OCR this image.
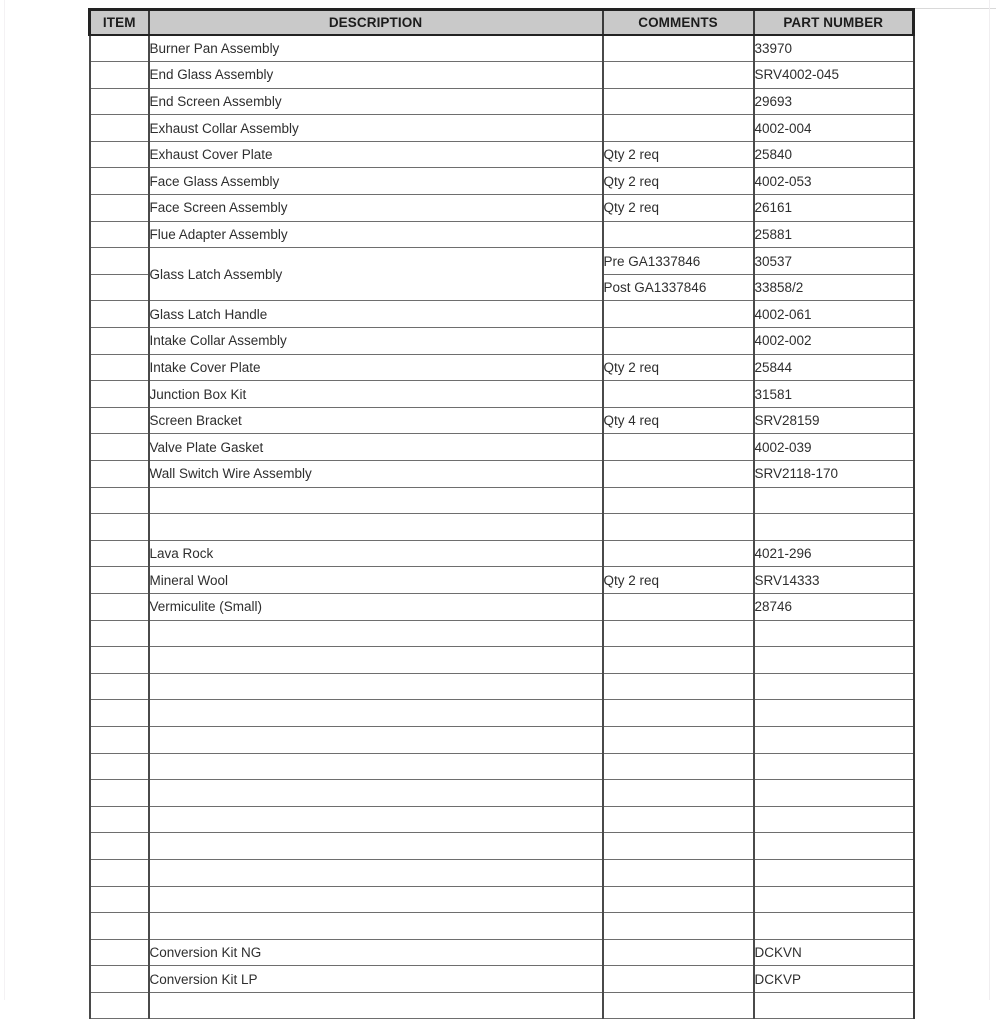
ITEM	DESCRIPTION	COMMENTS	PART NUMBER
	Burner Pan Assembly		33970
	End Glass Assembly		SRV4002-045
	End Screen Assembly		29693
	Exhaust Collar Assembly		4002-004
	Exhaust Cover Plate	Qty 2 req	25840
	Face Glass Assembly	Qty 2 req	4002-053
	Face Screen Assembly	Qty 2 req	26161
	Flue Adapter Assembly		25881
	Glass Latch Assembly	Pre GA1337846	30537
		Post GA1337846	33858/2
	Glass Latch Handle		4002-061
	Intake Collar Assembly		4002-002
	Intake Cover Plate	Qty 2 req	25844
	Junction Box Kit		31581
	Screen Bracket	Qty 4 req	SRV28159
	Valve Plate Gasket		4002-039
	Wall Switch Wire Assembly		SRV2118-170

	Lava Rock		4021-296
	Mineral Wool	Qty 2 req	SRV14333
	Vermiculite (Small)		28746

	Conversion Kit NG		DCKVN
	Conversion Kit LP		DCKVP
